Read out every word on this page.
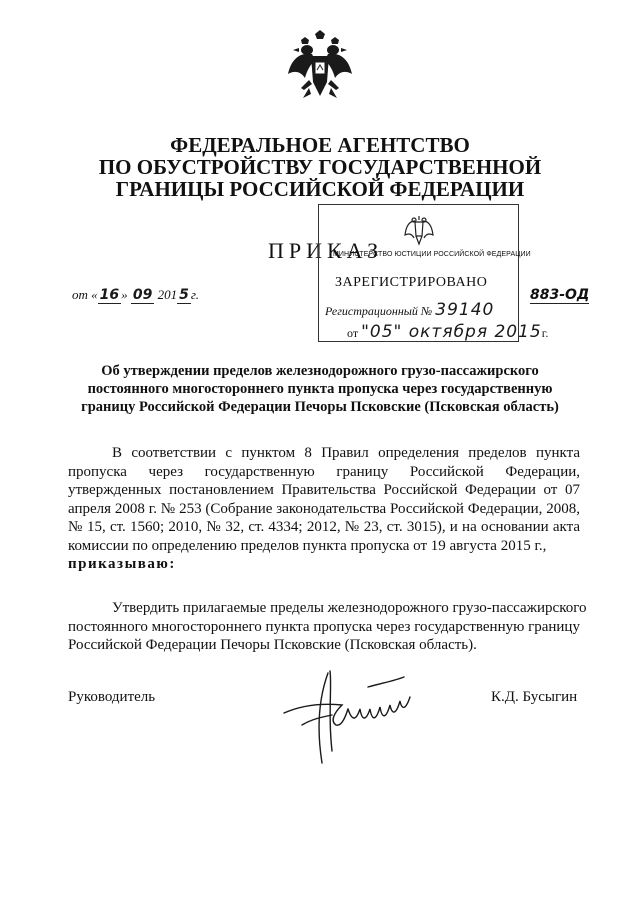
ФЕДЕРАЛЬНОЕ АГЕНТСТВО
ПО ОБУСТРОЙСТВУ ГОСУДАРСТВЕННОЙ
ГРАНИЦЫ РОССИЙСКОЙ ФЕДЕРАЦИИ
ПРИКАЗ
от « 16 » 09 201 5 г.	883-ОД
МИНИСТЕРСТВО ЮСТИЦИИ РОССИЙСКОЙ ФЕДЕРАЦИИ
ЗАРЕГИСТРИРОВАНО
Регистрационный № 39140
от "05" октября 2015г.
Об утверждении пределов железнодорожного грузо-пассажирского
постоянного многостороннего пункта пропуска через государственную
границу Российской Федерации Печоры Псковские (Псковская область)

В соответствии с пунктом 8 Правил определения пределов пункта пропуска через государственную границу Российской Федерации, утвержденных постановлением Правительства Российской Федерации от 07 апреля 2008 г. № 253 (Собрание законодательства Российской Федерации, 2008, № 15, ст. 1560; 2010, № 32, ст. 4334; 2012, № 23, ст. 3015), и на основании акта комиссии по определению пределов пункта пропуска от 19 августа 2015 г.,

приказываю:

Утвердить прилагаемые пределы железнодорожного грузо-пассажирского постоянного многостороннего пункта пропуска через государственную границу Российской Федерации Печоры Псковские (Псковская область).

Руководитель	К.Д. Бусыгин
